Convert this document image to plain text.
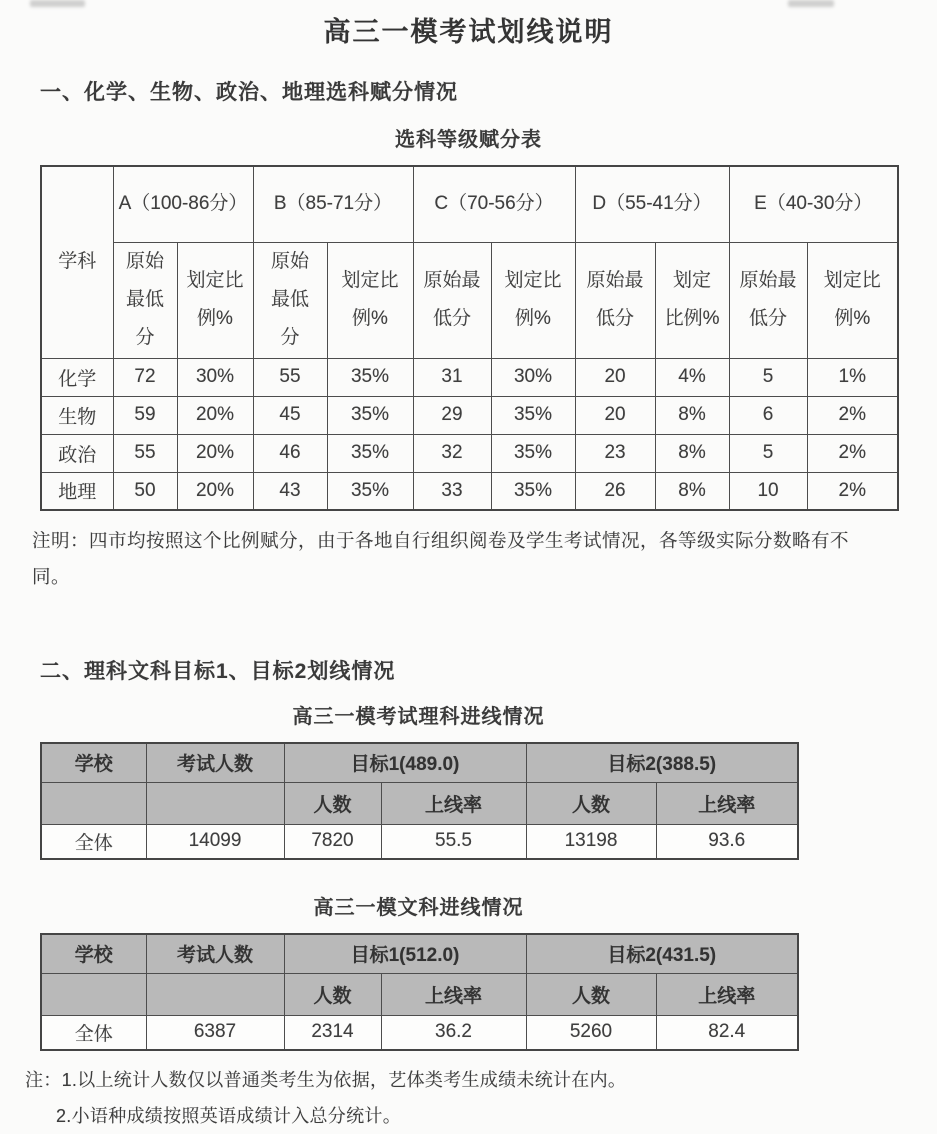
高三一模考试划线说明
一、化学、生物、政治、地理选科赋分情况
选科等级赋分表
学科	A（100-86分）		B（85-71分）		C（70-56分）		D（55-41分）		E（40-30分）	
	原始最低分	划定比例%	原始最低分	划定比例%	原始最低分	划定比例%	原始最低分	划定比例%	原始最低分	划定比例%
化学	72	30%	55	35%	31	30%	20	4%	5	1%
生物	59	20%	45	35%	29	35%	20	8%	6	2%
政治	55	20%	46	35%	32	35%	23	8%	5	2%
地理	50	20%	43	35%	33	35%	26	8%	10	2%

注明：四市均按照这个比例赋分，由于各地自行组织阅卷及学生考试情况，各等级实际分数略有不同。

二、理科文科目标1、目标2划线情况
高三一模考试理科进线情况
学校	考试人数	目标1(489.0)		目标2(388.5)	
		人数	上线率	人数	上线率
全体	14099	7820	55.5	13198	93.6
高三一模文科进线情况
学校	考试人数	目标1(512.0)		目标2(431.5)	
		人数	上线率	人数	上线率
全体	6387	2314	36.2	5260	82.4

注：1.以上统计人数仅以普通类考生为依据，艺体类考生成绩未统计在内。

2.小语种成绩按照英语成绩计入总分统计。
